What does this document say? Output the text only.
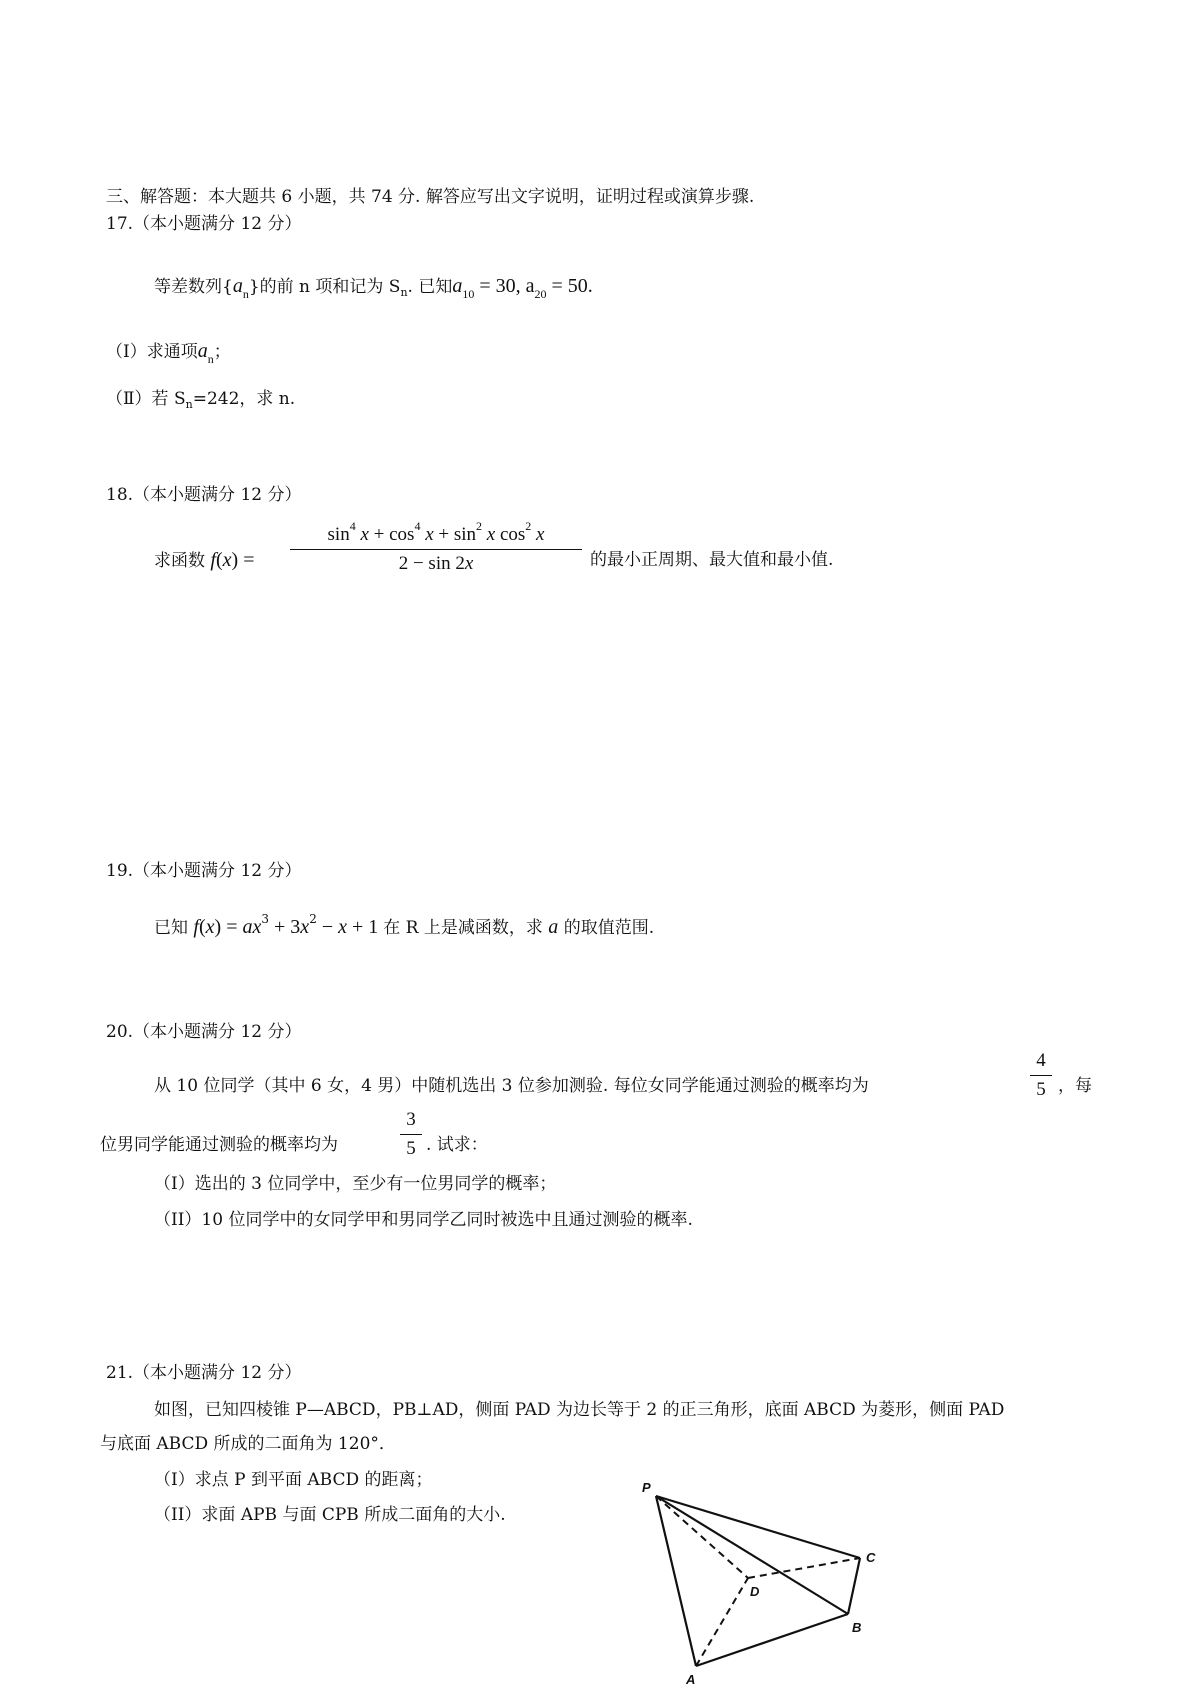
三、解答题：本大题共 6 小题，共 74 分. 解答应写出文字说明，证明过程或演算步骤.
17.（本小题满分 12 分）
等差数列$\{a_n\}$的前 n 项和记为 $S_n$. 已知$a_{10} = 30$, $a_{20} = 50$.
（Ⅰ）求通项$a_n$；
（Ⅱ）若 $S_n=242$，求 n.
18.（本小题满分 12 分）
求函数 f(x) =
$\sin^4 x + \cos^4 x + \sin^2 x$ $\cos^2 x$
2 − sin 2x	的最小正周期、最大值和最小值.
19.（本小题满分 12 分）
已知 $f(x) = ax^3 + 3x^2 - x + 1$ 在 R 上是减函数，求 a 的取值范围.
20.（本小题满分 12 分）
从 10 位同学（其中 6 女，4 男）中随机选出 3 位参加测验. 每位女同学能通过测验的概率均为
4
5 ，每
位男同学能通过测验的概率均为
3
5 . 试求：
（I）选出的 3 位同学中，至少有一位男同学的概率；
（II）10 位同学中的女同学甲和男同学乙同时被选中且通过测验的概率.
21.（本小题满分 12 分）
如图，已知四棱锥 P—ABCD，PB⊥AD，侧面 PAD 为边长等于 2 的正三角形，底面 ABCD 为菱形，侧面 PAD
与底面 ABCD 所成的二面角为 120°．
（I）求点 P 到平面 ABCD 的距离；
（II）求面 APB 与面 CPB 所成二面角的大小.
P
A
B
C
D
